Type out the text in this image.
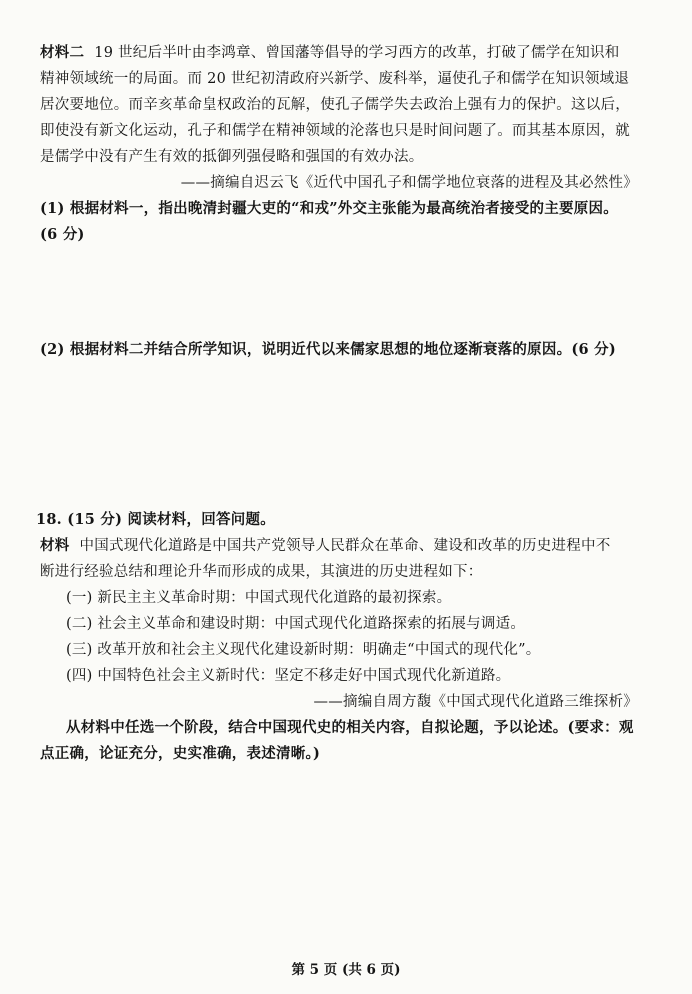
材料二 19 世纪后半叶由李鸿章、曾国藩等倡导的学习西方的改革，打破了儒学在知识和
精神领域统一的局面。而 20 世纪初清政府兴新学、废科举，逼使孔子和儒学在知识领域退
居次要地位。而辛亥革命皇权政治的瓦解，使孔子儒学失去政治上强有力的保护。这以后，
即使没有新文化运动，孔子和儒学在精神领域的沦落也只是时间问题了。而其基本原因，就
是儒学中没有产生有效的抵御列强侵略和强国的有效办法。
——摘编自迟云飞《近代中国孔子和儒学地位衰落的进程及其必然性》
(1) 根据材料一，指出晚清封疆大吏的“和戎”外交主张能为最高统治者接受的主要原因。
(6 分)
(2) 根据材料二并结合所学知识，说明近代以来儒家思想的地位逐渐衰落的原因。(6 分)
18. (15 分) 阅读材料，回答问题。
材料 中国式现代化道路是中国共产党领导人民群众在革命、建设和改革的历史进程中不
断进行经验总结和理论升华而形成的成果，其演进的历史进程如下：
(一) 新民主主义革命时期：中国式现代化道路的最初探索。
(二) 社会主义革命和建设时期：中国式现代化道路探索的拓展与调适。
(三) 改革开放和社会主义现代化建设新时期：明确走“中国式的现代化”。
(四) 中国特色社会主义新时代：坚定不移走好中国式现代化新道路。
——摘编自周方馥《中国式现代化道路三维探析》
从材料中任选一个阶段，结合中国现代史的相关内容，自拟论题，予以论述。(要求：观
点正确，论证充分，史实准确，表述清晰。)
第 5 页 (共 6 页)
